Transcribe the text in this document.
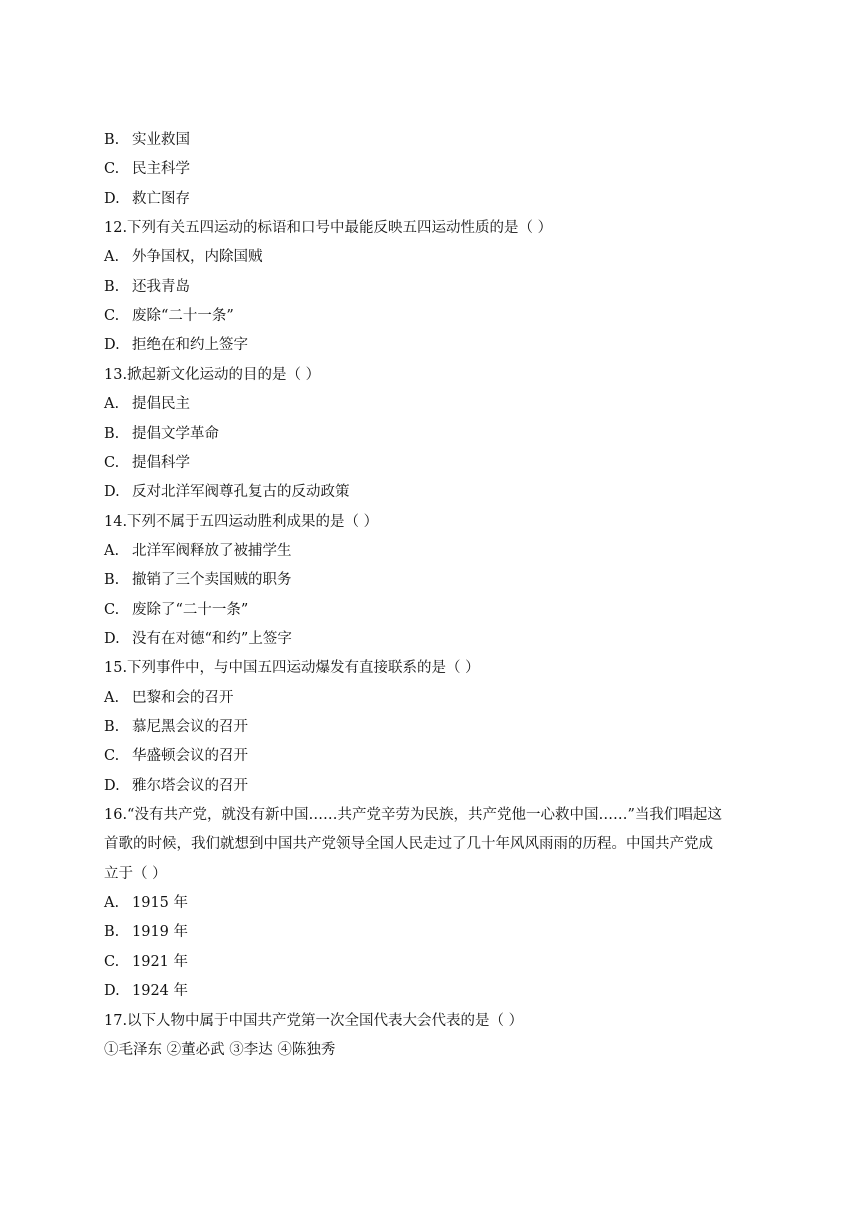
B. 实业救国
C. 民主科学
D. 救亡图存
12.下列有关五四运动的标语和口号中最能反映五四运动性质的是（ ）
A. 外争国权，内除国贼
B. 还我青岛
C. 废除“二十一条”
D. 拒绝在和约上签字
13.掀起新文化运动的目的是（ ）
A. 提倡民主
B. 提倡文学革命
C. 提倡科学
D. 反对北洋军阀尊孔复古的反动政策
14.下列不属于五四运动胜利成果的是（ ）
A. 北洋军阀释放了被捕学生
B. 撤销了三个卖国贼的职务
C. 废除了“二十一条”
D. 没有在对德“和约”上签字
15.下列事件中，与中国五四运动爆发有直接联系的是（ ）
A. 巴黎和会的召开
B. 慕尼黑会议的召开
C. 华盛顿会议的召开
D. 雅尔塔会议的召开
16.“没有共产党，就没有新中国……共产党辛劳为民族，共产党他一心救中国……”当我们唱起这
首歌的时候，我们就想到中国共产党领导全国人民走过了几十年风风雨雨的历程。中国共产党成
立于（ ）
A. 1915 年
B. 1919 年
C. 1921 年
D. 1924 年
17.以下人物中属于中国共产党第一次全国代表大会代表的是（ ）
①毛泽东 ②董必武 ③李达 ④陈独秀
